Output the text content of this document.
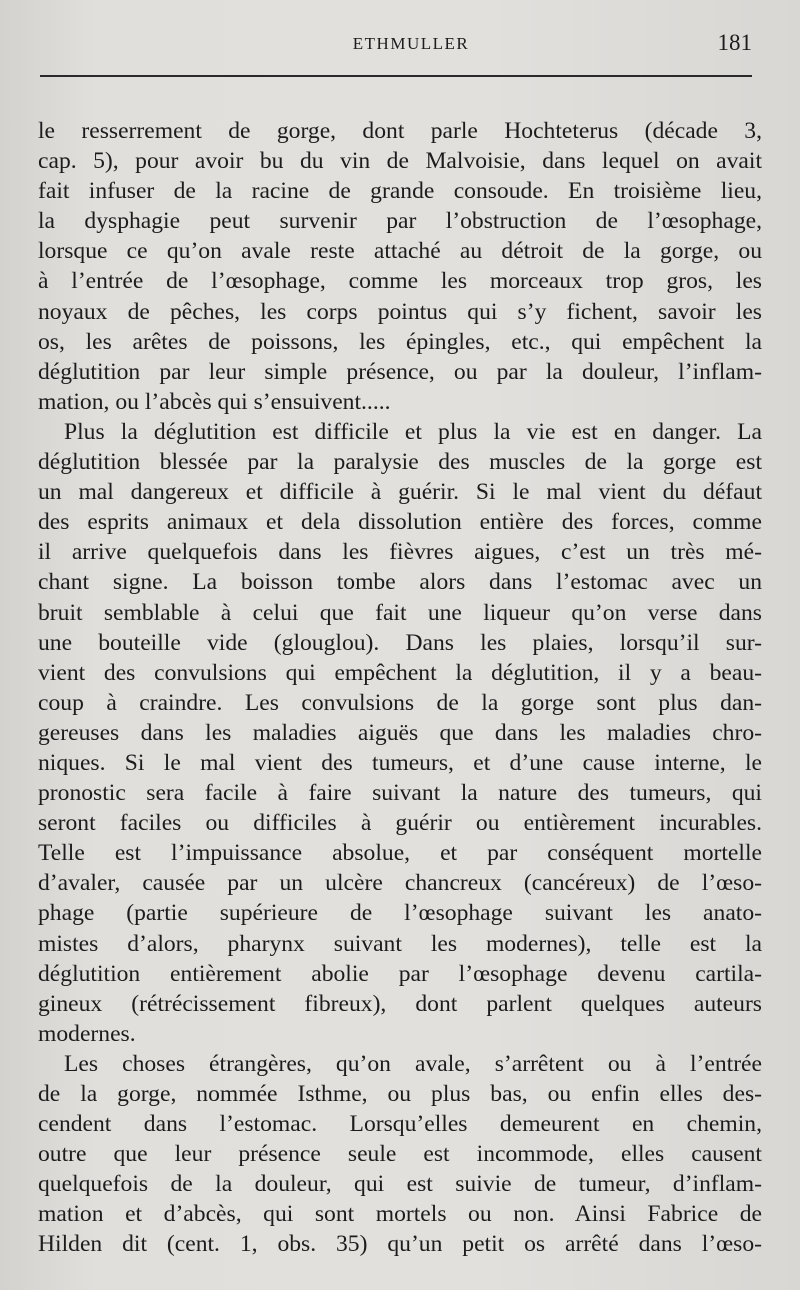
ETHMULLER	181
le resserrement de gorge, dont parle Hochteterus (décade 3,
cap. 5), pour avoir bu du vin de Malvoisie, dans lequel on avait
fait infuser de la racine de grande consoude. En troisième lieu,
la dysphagie peut survenir par l’obstruction de l’œsophage,
lorsque ce qu’on avale reste attaché au détroit de la gorge, ou
à l’entrée de l’œsophage, comme les morceaux trop gros, les
noyaux de pêches, les corps pointus qui s’y fichent, savoir les
os, les arêtes de poissons, les épingles, etc., qui empêchent la
déglutition par leur simple présence, ou par la douleur, l’inflam-
mation, ou l’abcès qui s’ensuivent.....
Plus la déglutition est difficile et plus la vie est en danger. La
déglutition blessée par la paralysie des muscles de la gorge est
un mal dangereux et difficile à guérir. Si le mal vient du défaut
des esprits animaux et dela dissolution entière des forces, comme
il arrive quelquefois dans les fièvres aigues, c’est un très mé-
chant signe. La boisson tombe alors dans l’estomac avec un
bruit semblable à celui que fait une liqueur qu’on verse dans
une bouteille vide (glouglou). Dans les plaies, lorsqu’il sur-
vient des convulsions qui empêchent la déglutition, il y a beau-
coup à craindre. Les convulsions de la gorge sont plus dan-
gereuses dans les maladies aiguës que dans les maladies chro-
niques. Si le mal vient des tumeurs, et d’une cause interne, le
pronostic sera facile à faire suivant la nature des tumeurs, qui
seront faciles ou difficiles à guérir ou entièrement incurables.
Telle est l’impuissance absolue, et par conséquent mortelle
d’avaler, causée par un ulcère chancreux (cancéreux) de l’œso-
phage (partie supérieure de l’œsophage suivant les anato-
mistes d’alors, pharynx suivant les modernes), telle est la
déglutition entièrement abolie par l’œsophage devenu cartila-
gineux (rétrécissement fibreux), dont parlent quelques auteurs
modernes.
Les choses étrangères, qu’on avale, s’arrêtent ou à l’entrée
de la gorge, nommée Isthme, ou plus bas, ou enfin elles des-
cendent dans l’estomac. Lorsqu’elles demeurent en chemin,
outre que leur présence seule est incommode, elles causent
quelquefois de la douleur, qui est suivie de tumeur, d’inflam-
mation et d’abcès, qui sont mortels ou non. Ainsi Fabrice de
Hilden dit (cent. 1, obs. 35) qu’un petit os arrêté dans l’œso-
